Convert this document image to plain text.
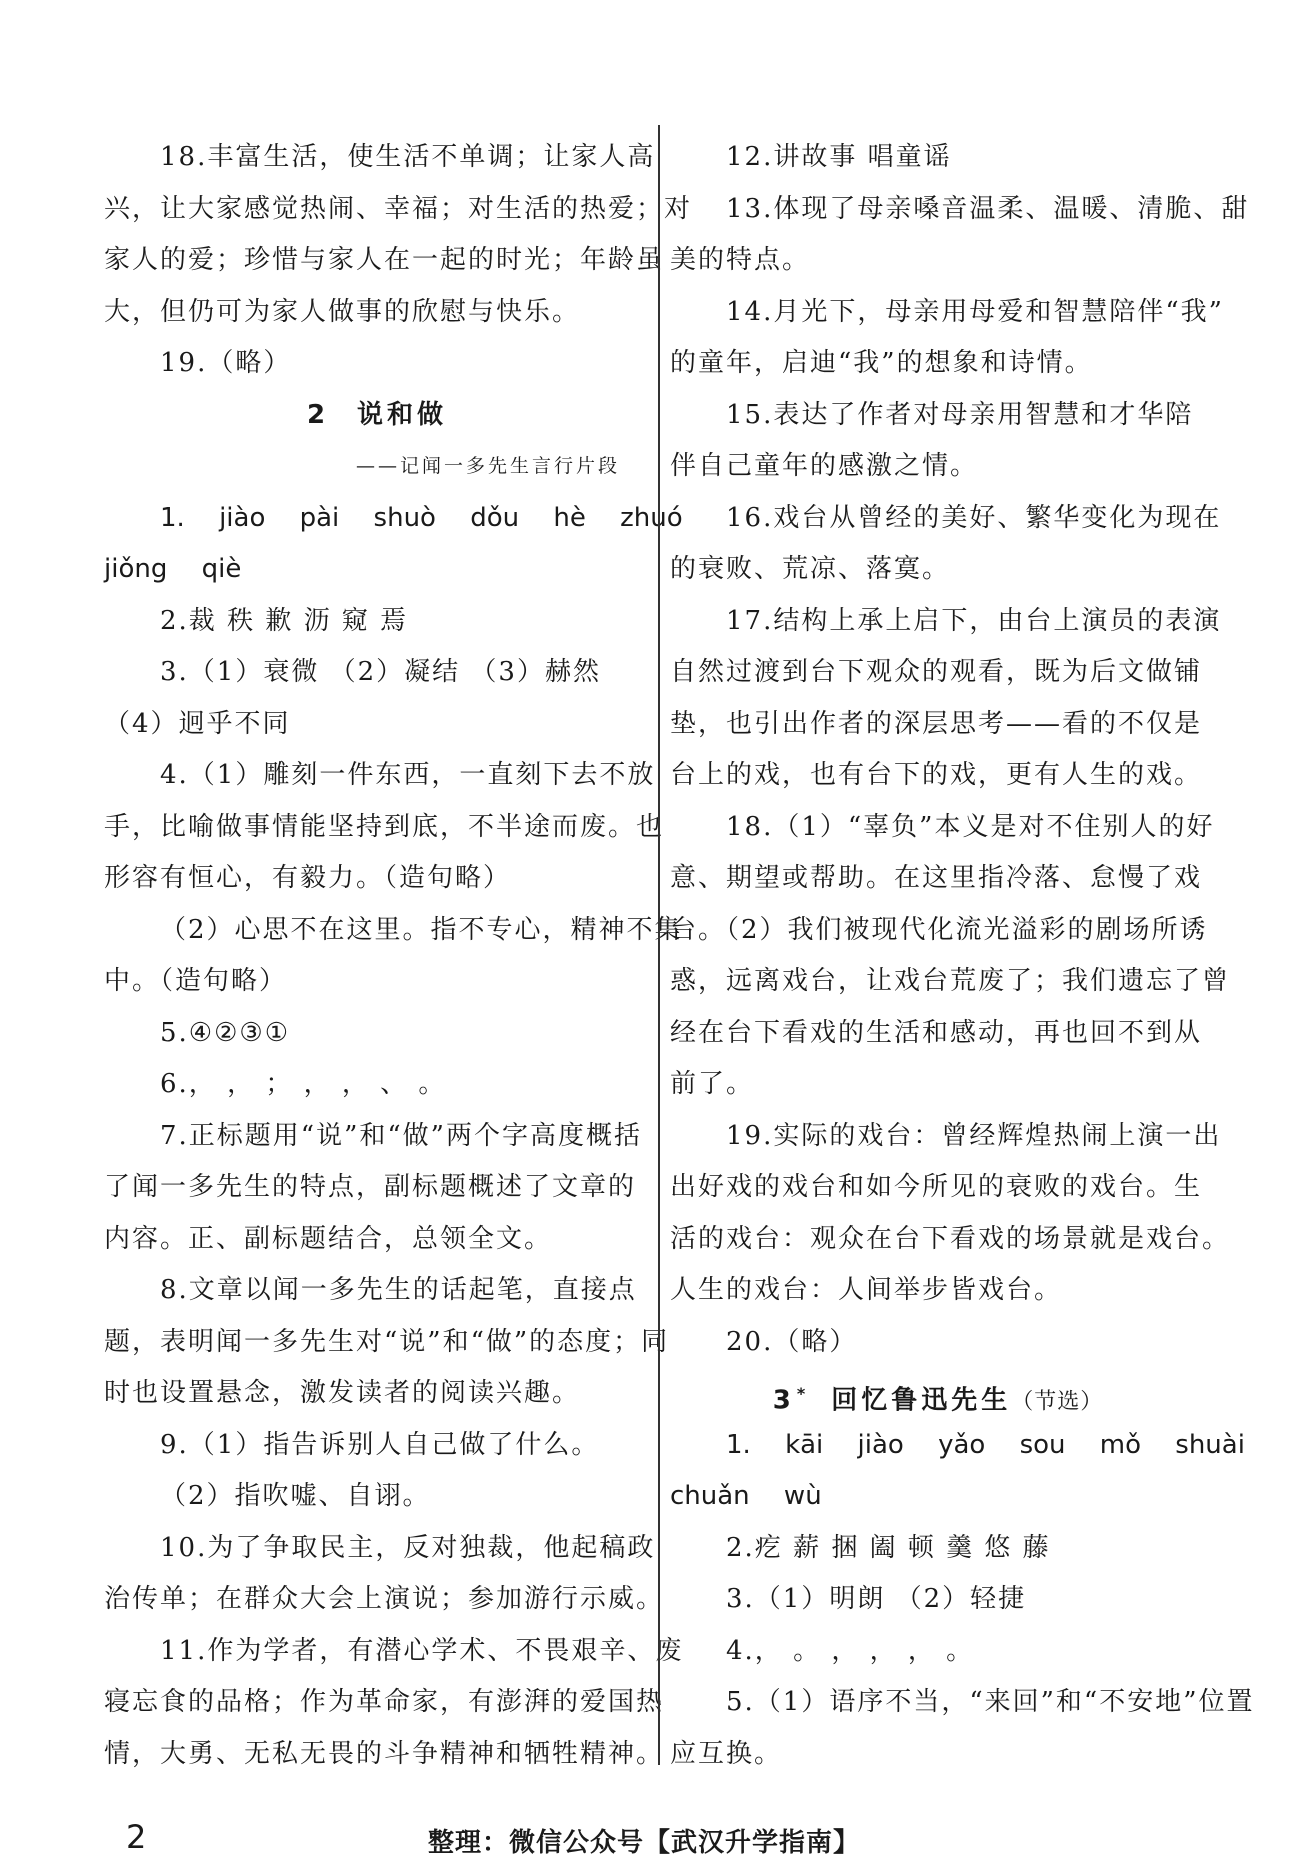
18.丰富生活，使生活不单调；让家人高
兴，让大家感觉热闹、幸福；对生活的热爱；对
家人的爱；珍惜与家人在一起的时光；年龄虽
大，但仍可为家人做事的欣慰与快乐。
19.（略）
2 说和做
——记闻一多先生言行片段
1. jiào pài shuò dǒu hè zhuó
jiǒng qiè
2.裁 秩 歉 沥 窥 焉
3.（1）衰微 （2）凝结 （3）赫然
（4）迥乎不同
4.（1）雕刻一件东西，一直刻下去不放
手，比喻做事情能坚持到底，不半途而废。也
形容有恒心，有毅力。（造句略）
（2）心思不在这里。指不专心，精神不集
中。（造句略）
5.④②③①
6.， ， ； ， ， 、 。
7.正标题用“说”和“做”两个字高度概括
了闻一多先生的特点，副标题概述了文章的
内容。正、副标题结合，总领全文。
8.文章以闻一多先生的话起笔，直接点
题，表明闻一多先生对“说”和“做”的态度；同
时也设置悬念，激发读者的阅读兴趣。
9.（1）指告诉别人自己做了什么。
（2）指吹嘘、自诩。
10.为了争取民主，反对独裁，他起稿政
治传单；在群众大会上演说；参加游行示威。
11.作为学者，有潜心学术、不畏艰辛、废
寝忘食的品格；作为革命家，有澎湃的爱国热
情，大勇、无私无畏的斗争精神和牺牲精神。
12.讲故事 唱童谣
13.体现了母亲嗓音温柔、温暖、清脆、甜
美的特点。
14.月光下，母亲用母爱和智慧陪伴“我”
的童年，启迪“我”的想象和诗情。
15.表达了作者对母亲用智慧和才华陪
伴自己童年的感激之情。
16.戏台从曾经的美好、繁华变化为现在
的衰败、荒凉、落寞。
17.结构上承上启下，由台上演员的表演
自然过渡到台下观众的观看，既为后文做铺
垫，也引出作者的深层思考——看的不仅是
台上的戏，也有台下的戏，更有人生的戏。
18.（1）“辜负”本义是对不住别人的好
意、期望或帮助。在这里指冷落、怠慢了戏
台。（2）我们被现代化流光溢彩的剧场所诱
惑，远离戏台，让戏台荒废了；我们遗忘了曾
经在台下看戏的生活和感动，再也回不到从
前了。
19.实际的戏台：曾经辉煌热闹上演一出
出好戏的戏台和如今所见的衰败的戏台。生
活的戏台：观众在台下看戏的场景就是戏台。
人生的戏台：人间举步皆戏台。
20.（略）
3 * 回忆鲁迅先生（节选）
1. kāi jiào yǎo sou mǒ shuài
chuǎn wù
2.疙 薪 捆 阖 顿 羹 悠 藤
3.（1）明朗 （2）轻捷
4.， 。 ， ， ， 。
5.（1）语序不当，“来回”和“不安地”位置
应互换。
2	整理：微信公众号【武汉升学指南】
